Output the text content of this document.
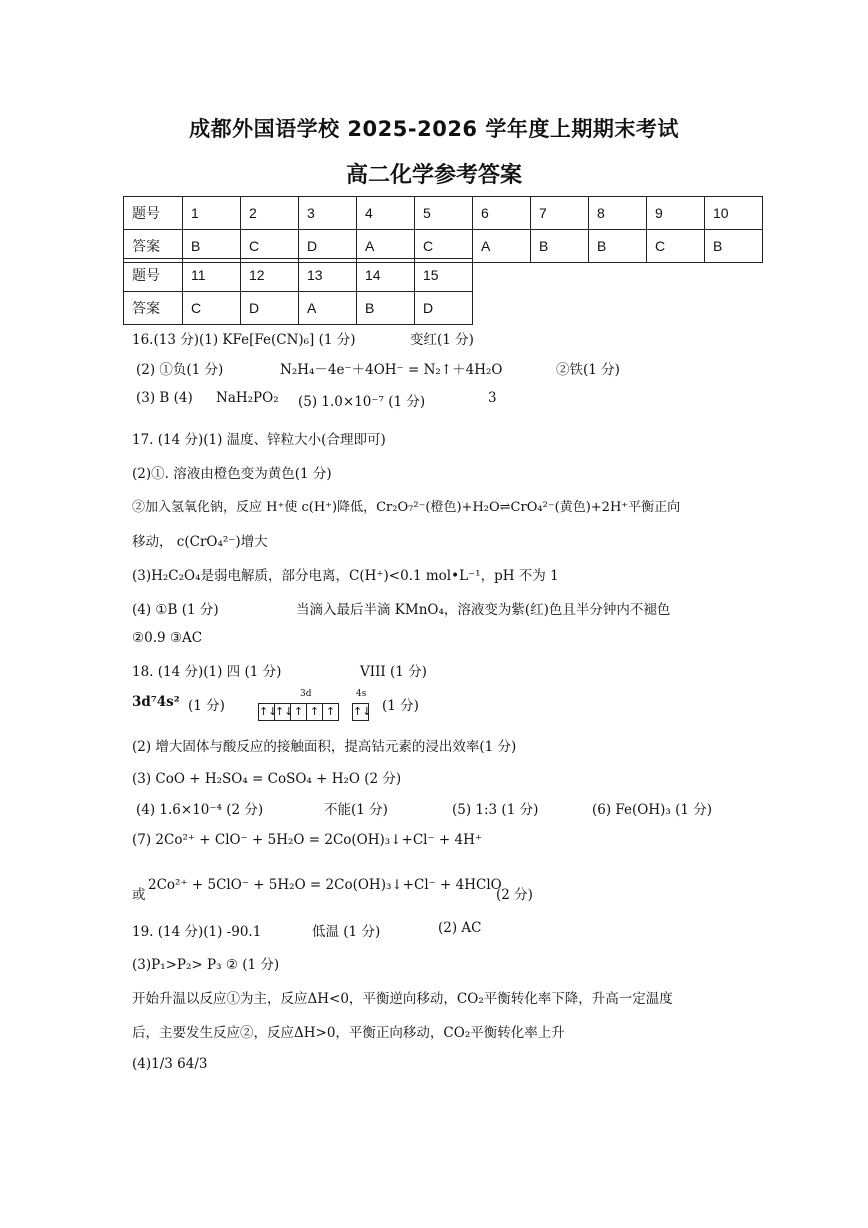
成都外国语学校 2025-2026 学年度上期期末考试
高二化学参考答案
题号	1	2	3	4	5	6	7	8	9	10
答案	B	C	D	A	C	A	B	B	C	B
题号	11	12	13	14	15
答案	C	D	A	B	D
16.(13 分)(1) KFe[Fe(CN)₆] (1 分)	变红(1 分)
(2) ①负(1 分)	N₂H₄－4e⁻＋4OH⁻ = N₂↑＋4H₂O	②铁(1 分)
(3) B (4) NaH₂PO₂ (5) 1.0×10⁻⁷ (1 分)	3
17. (14 分)(1) 温度、锌粒大小(合理即可)
(2)①. 溶液由橙色变为黄色(1 分)
②加入氢氧化钠，反应 H⁺使 c(H⁺)降低，Cr₂O₇²⁻(橙色)+H₂O⇌CrO₄²⁻(黄色)+2H⁺平衡正向
移动， c(CrO₄²⁻)增大
(3)H₂C₂O₄是弱电解质，部分电离，C(H⁺)<0.1 mol•L⁻¹，pH 不为 1
(4) ①B (1 分)	当滴入最后半滴 KMnO₄，溶液变为紫(红)色且半分钟内不褪色
②0.9 ③AC
18. (14 分)(1) 四 (1 分)	VIII (1 分)
3d⁷4s² (1 分)	(1 分)
3d	4s
↑↓
↑↓ ↑ ↑ ↑	↑↓
(2) 增大固体与酸反应的接触面积，提高钴元素的浸出效率(1 分)
(3) CoO + H₂SO₄ = CoSO₄ + H₂O (2 分)
(4) 1.6×10⁻⁴ (2 分)	不能(1 分)	(5) 1:3 (1 分)	(6) Fe(OH)₃ (1 分)
(7) 2Co²⁺ + ClO⁻ + 5H₂O = 2Co(OH)₃↓+Cl⁻ + 4H⁺
或
2Co²⁺ + 5ClO⁻ + 5H₂O = 2Co(OH)₃↓+Cl⁻ + 4HClO
(2 分)
19. (14 分)(1) -90.1	低温 (1 分)	(2) AC
(3)P₁>P₂> P₃ ② (1 分)
开始升温以反应①为主，反应ΔH<0，平衡逆向移动，CO₂平衡转化率下降，升高一定温度
后，主要发生反应②，反应ΔH>0，平衡正向移动，CO₂平衡转化率上升
(4)1/3 64/3
